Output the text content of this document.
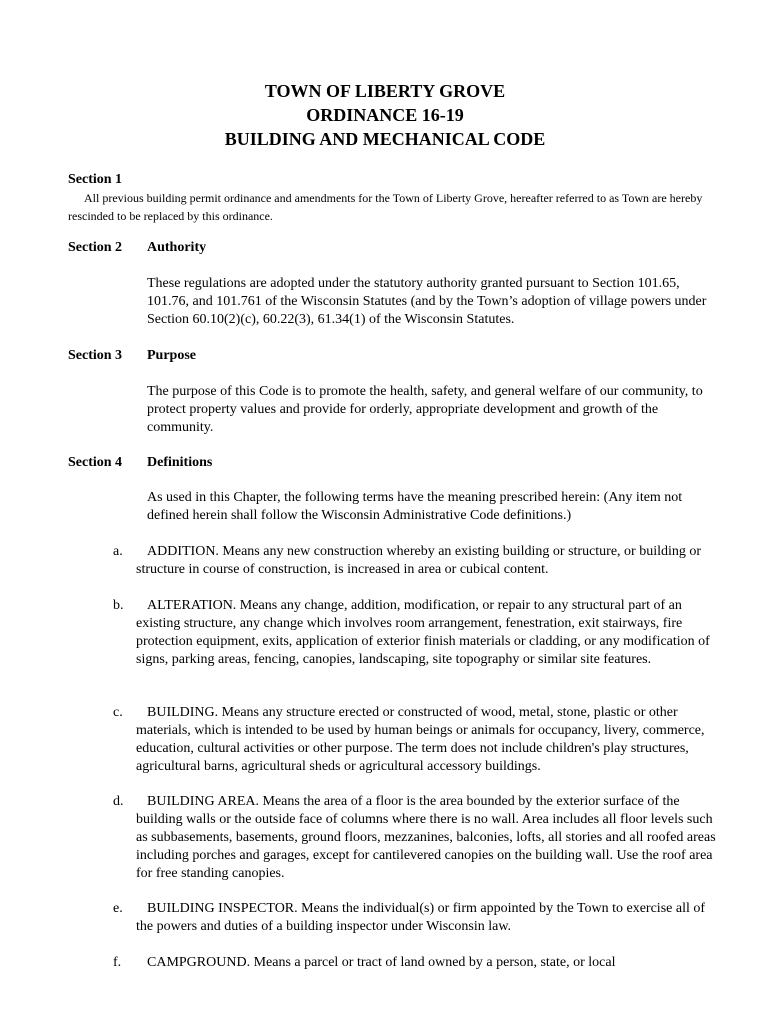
TOWN OF LIBERTY GROVE
ORDINANCE 16-19
BUILDING AND MECHANICAL CODE
Section 1
All previous building permit ordinance and amendments for the Town of Liberty Grove, hereafter referred to as Town are hereby rescinded to be replaced by this ordinance.
Section 2 Authority
These regulations are adopted under the statutory authority granted pursuant to Section 101.65, 101.76, and 101.761 of the Wisconsin Statutes (and by the Town’s adoption of village powers under Section 60.10(2)(c), 60.22(3), 61.34(1) of the Wisconsin Statutes.
Section 3 Purpose
The purpose of this Code is to promote the health, safety, and general welfare of our community, to protect property values and provide for orderly, appropriate development and growth of the community.
Section 4 Definitions
As used in this Chapter, the following terms have the meaning prescribed herein: (Any item not defined herein shall follow the Wisconsin Administrative Code definitions.)
a.	ADDITION. Means any new construction whereby an existing building or structure, or building or structure in course of construction, is increased in area or cubical content.
b.	ALTERATION. Means any change, addition, modification, or repair to any structural part of an existing structure, any change which involves room arrangement, fenestration, exit stairways, fire protection equipment, exits, application of exterior finish materials or cladding, or any modification of signs, parking areas, fencing, canopies, landscaping, site topography or similar site features.
c.	BUILDING. Means any structure erected or constructed of wood, metal, stone, plastic or other materials, which is intended to be used by human beings or animals for occupancy, livery, commerce, education, cultural activities or other purpose. The term does not include children's play structures, agricultural barns, agricultural sheds or agricultural accessory buildings.
d.	BUILDING AREA. Means the area of a floor is the area bounded by the exterior surface of the building walls or the outside face of columns where there is no wall. Area includes all floor levels such as subbasements, basements, ground floors, mezzanines, balconies, lofts, all stories and all roofed areas including porches and garages, except for cantilevered canopies on the building wall. Use the roof area for free standing canopies.
e.	BUILDING INSPECTOR. Means the individual(s) or firm appointed by the Town to exercise all of the powers and duties of a building inspector under Wisconsin law.
f.	CAMPGROUND. Means a parcel or tract of land owned by a person, state, or local
